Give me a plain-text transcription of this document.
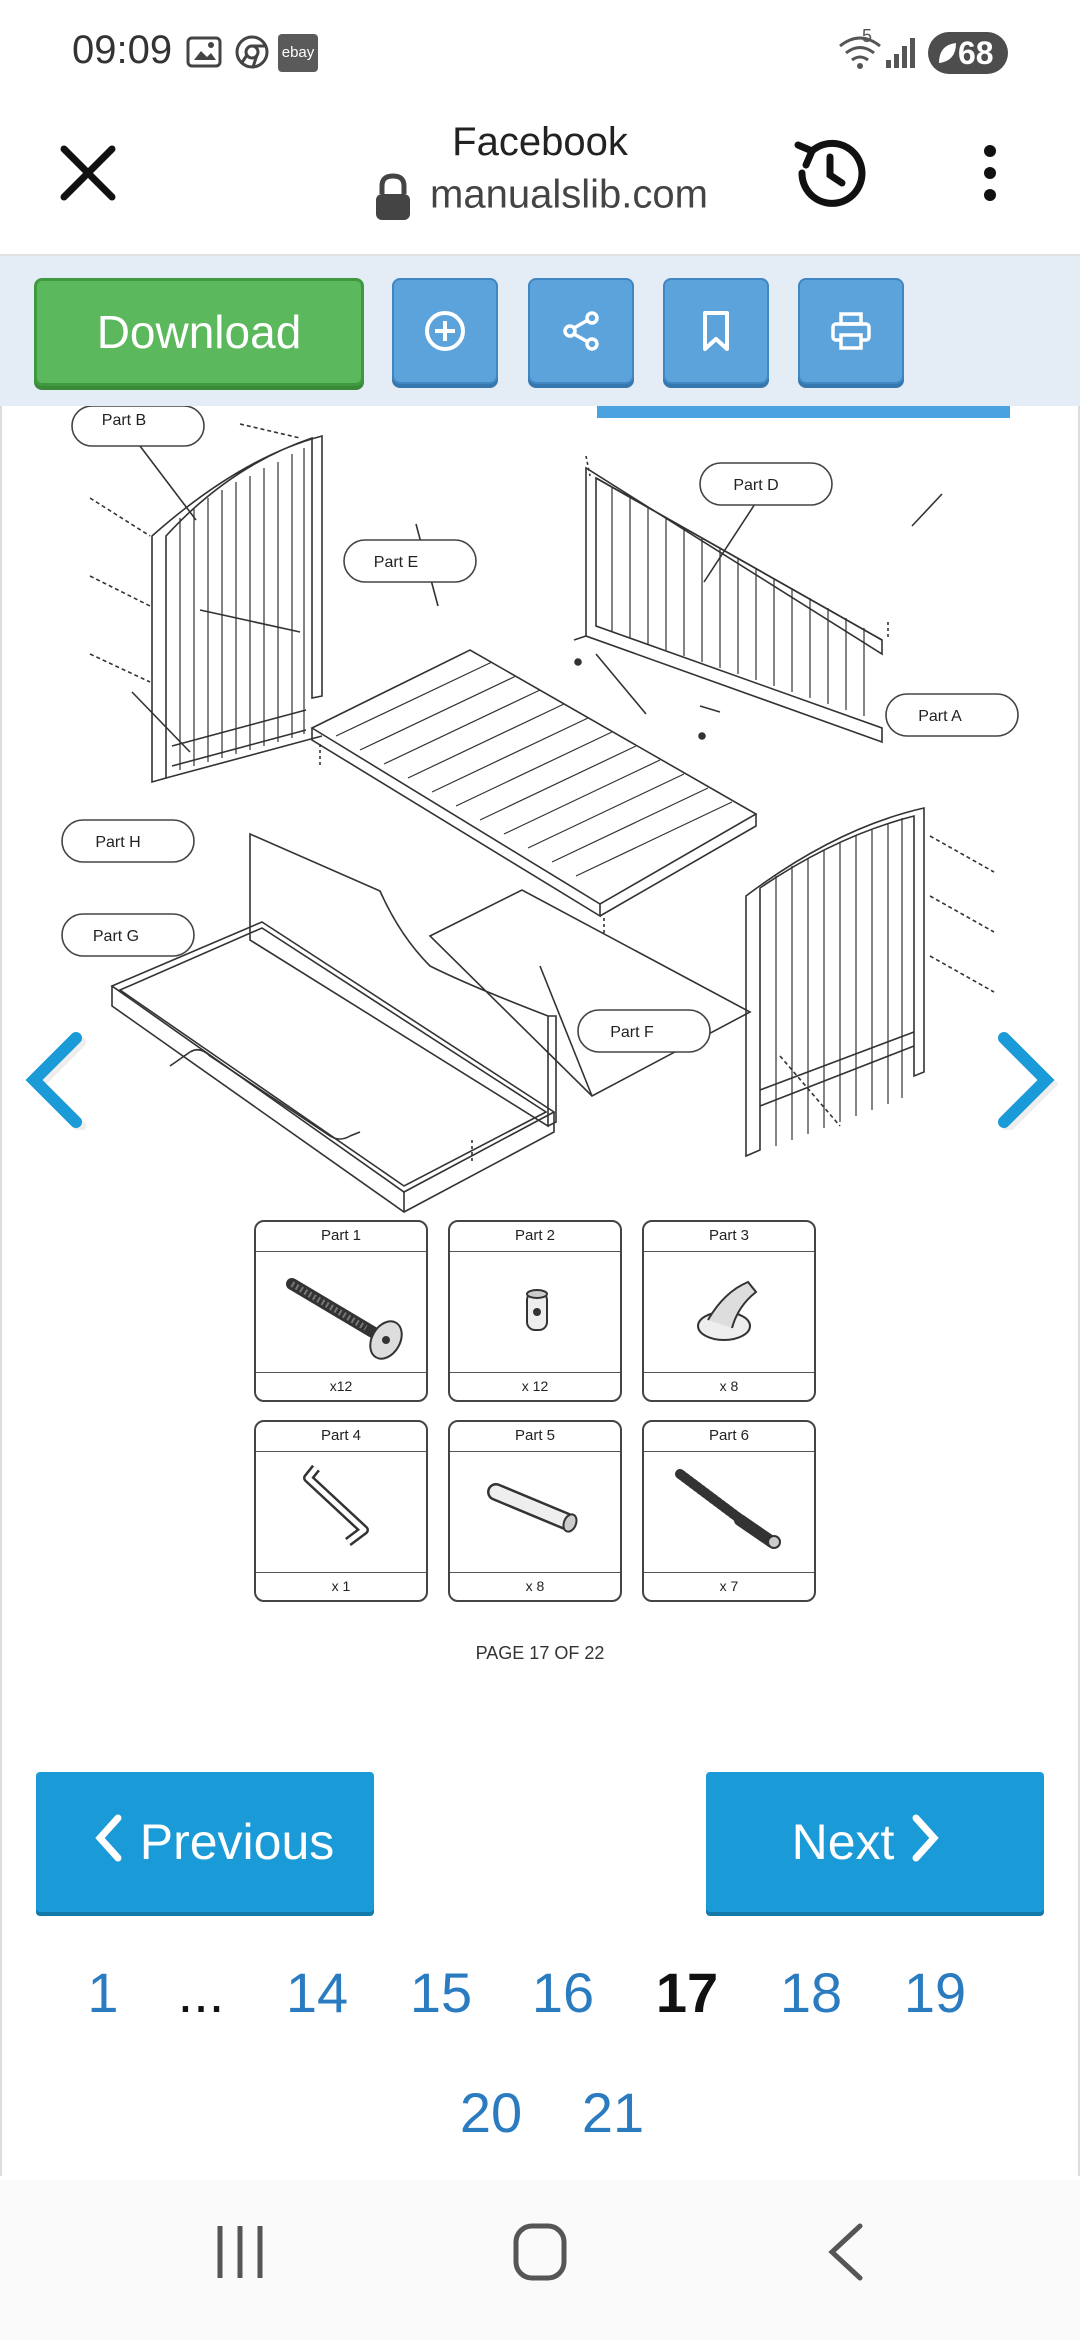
09:09	ebay
5	68
Facebook
manualslib.com
Download
Part B
Part D
Part E
Part A
Part H
Part G
Part F
Part 1
x12
Part 2
x 12
Part 3
x 8
Part 4
x 1
Part 5
x 8
Part 6
x 7
PAGE 17 OF 22
Previous	Next
1	...	14 15 16 17 18 19
20 21
